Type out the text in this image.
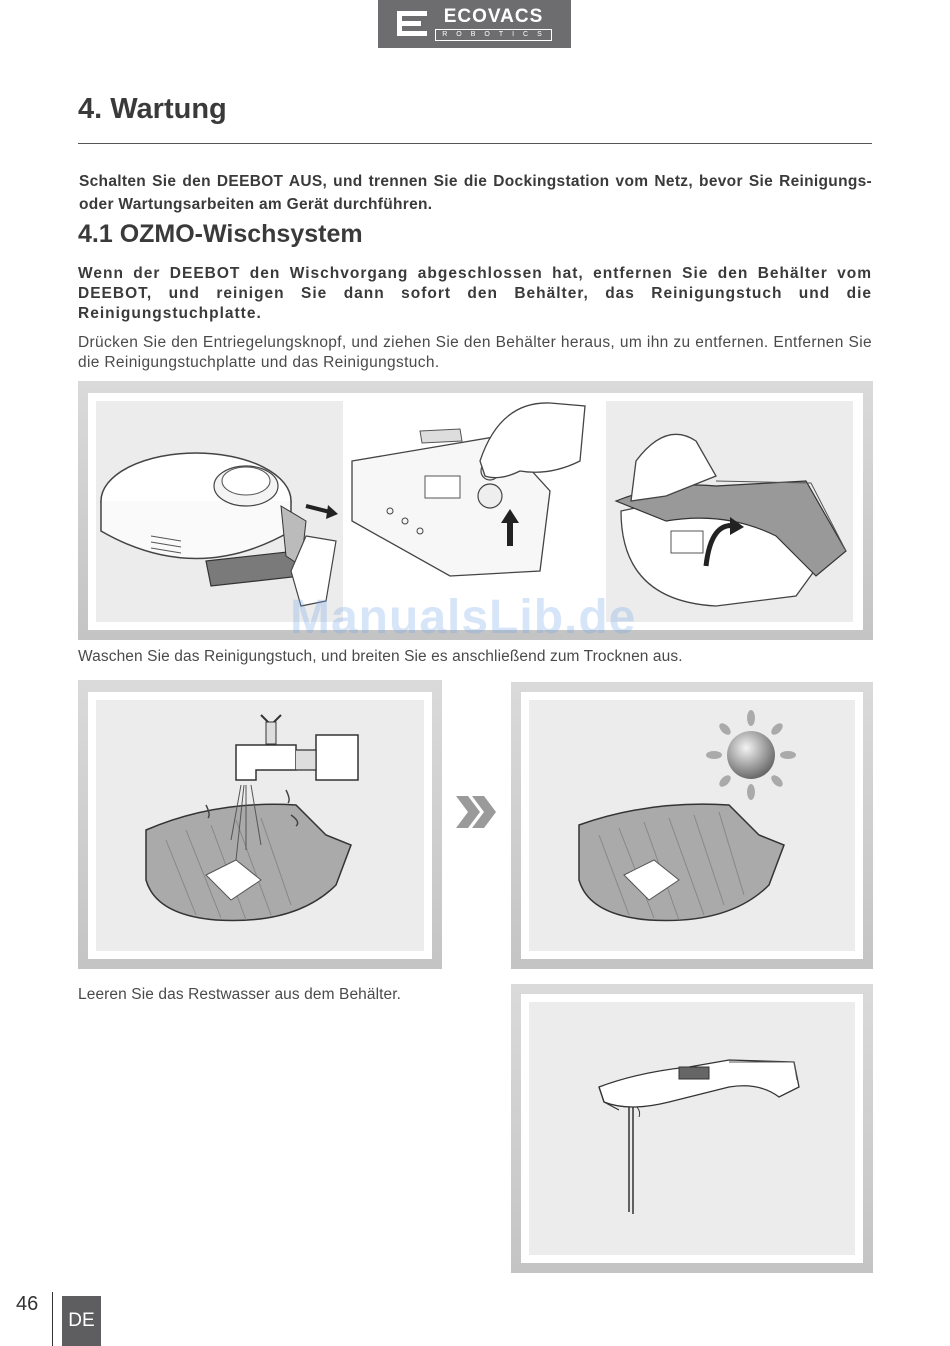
ECOVACS
ROBOTICS
4. Wartung
Schalten Sie den DEEBOT AUS, und trennen Sie die Dockingstation vom Netz, bevor Sie Reinigungs- oder Wartungsarbeiten am Gerät durchführen.
4.1 OZMO-Wischsystem
Wenn der DEEBOT den Wischvorgang abgeschlossen hat, entfernen Sie den Behälter vom DEEBOT, und reinigen Sie dann sofort den Behälter, das Reinigungstuch und die Reinigungstuchplatte.
Drücken Sie den Entriegelungsknopf, und ziehen Sie den Behälter heraus, um ihn zu entfernen. Entfernen Sie die Reinigungstuchplatte und das Reinigungstuch.
ManualsLib.de
Waschen Sie das Reinigungstuch, und breiten Sie es anschließend zum Trocknen aus.
Leeren Sie das Restwasser aus dem Behälter.
46
DE
